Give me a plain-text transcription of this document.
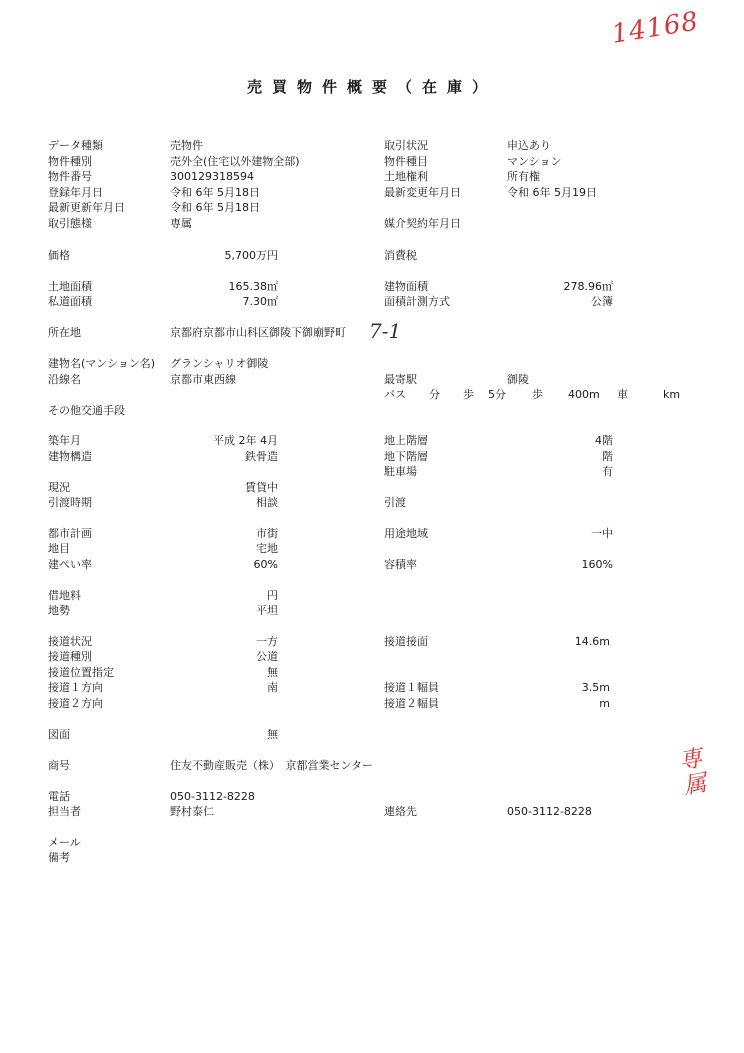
14168
専属
売買物件概要（在庫）
データ種類	売物件
物件種別	売外全(住宅以外建物全部)
物件番号	300129318594
登録年月日	令和 6年 5月18日
最新更新年月日	令和 6年 5月18日
取引態様	専属
取引状況	申込あり
物件種目	マンション
土地権利	所有権
最新変更年月日	令和 6年 5月19日
媒介契約年月日
価格	5,700万円	消費税
土地面積	165.38㎡
私道面積	7.30㎡
建物面積	278.96㎡
面積計測方式	公簿
所在地	京都府京都市山科区御陵下御廟野町 7-1
建物名(マンション名) グランシャリオ御陵
沿線名	京都市東西線	最寄駅	御陵
バス 分 歩 5分 歩 400m 車	km
その他交通手段
築年月	平成 2年 4月
建物構造	鉄骨造
地上階層	4階
地下階層	階
駐車場	有
現況	賃貸中
引渡時期	相談	引渡
都市計画	市街
地目	宅地
建ぺい率	60%
用途地域	一中
容積率	160%
借地料	円
地勢	平坦
接道状況	一方
接道種別	公道
接道位置指定	無
接道１方向	南
接道２方向
接道接面	14.6m
接道１幅員	3.5m
接道２幅員	m
図面	無
商号	住友不動産販売（株）　京都営業センター
電話	050-3112-8228
担当者	野村泰仁	連絡先	050-3112-8228
メール
備考
